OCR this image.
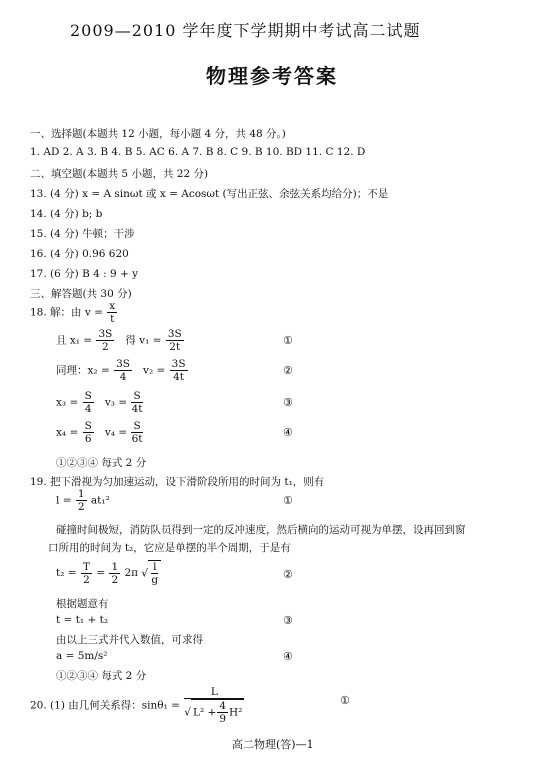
2009—2010 学年度下学期期中考试高二试题
物理参考答案
一、选择题(本题共 12 小题，每小题 4 分，共 48 分。)
1. AD 2. A 3. B 4. B 5. AC 6. A 7. B 8. C 9. B 10. BD 11. C 12. D
二、填空题(本题共 5 小题，共 22 分)
13. (4 分) x = A sinωt 或 x = Acosωt (写出正弦、余弦关系均给分)；不是
14. (4 分) b; b
15. (4 分) 牛顿；干涉
16. (4 分) 0.96 620
17. (6 分) B 4 : 9 + y
三、解答题(共 30 分)
18. 解：由 $v = \frac{x}{t}$
且 $x_1 = \frac{3S}{2}$ 得 $v_1 = \frac{3S}{2t}$	①
同理：$x_2 = \frac{3S}{4} v_2 = \frac{3S}{4t}$	②
$x_3 = \frac{S}{4} v_3 = \frac{S}{4t}$	③
$x_4 = \frac{S}{6} v_4 = \frac{S}{6t}$	④
①②③④ 每式 2 分
19. 把下滑视为匀加速运动，设下滑阶段所用的时间为 t₁，则有
$l = \frac{1}{2} at_1^2$	①
碰撞时间极短，消防队员得到一定的反冲速度，然后横向的运动可视为单摆，设再回到窗
口所用的时间为 t₂，它应是单摆的半个周期，于是有
$t_2 = \frac{T}{2} = \frac{1}{2} 2\pi$ √ $\frac{l}{g}$	②
根据题意有
t = t₁ + t₂	③
由以上三式并代入数值，可求得
a = 5m/s²	④
①②③④ 每式 2 分
20. (1) 由几何关系得：$\sin\theta_1 = \frac{L}{√ L^2 + \frac{4}{9} H^2}$	①
高二物理(答)—1
